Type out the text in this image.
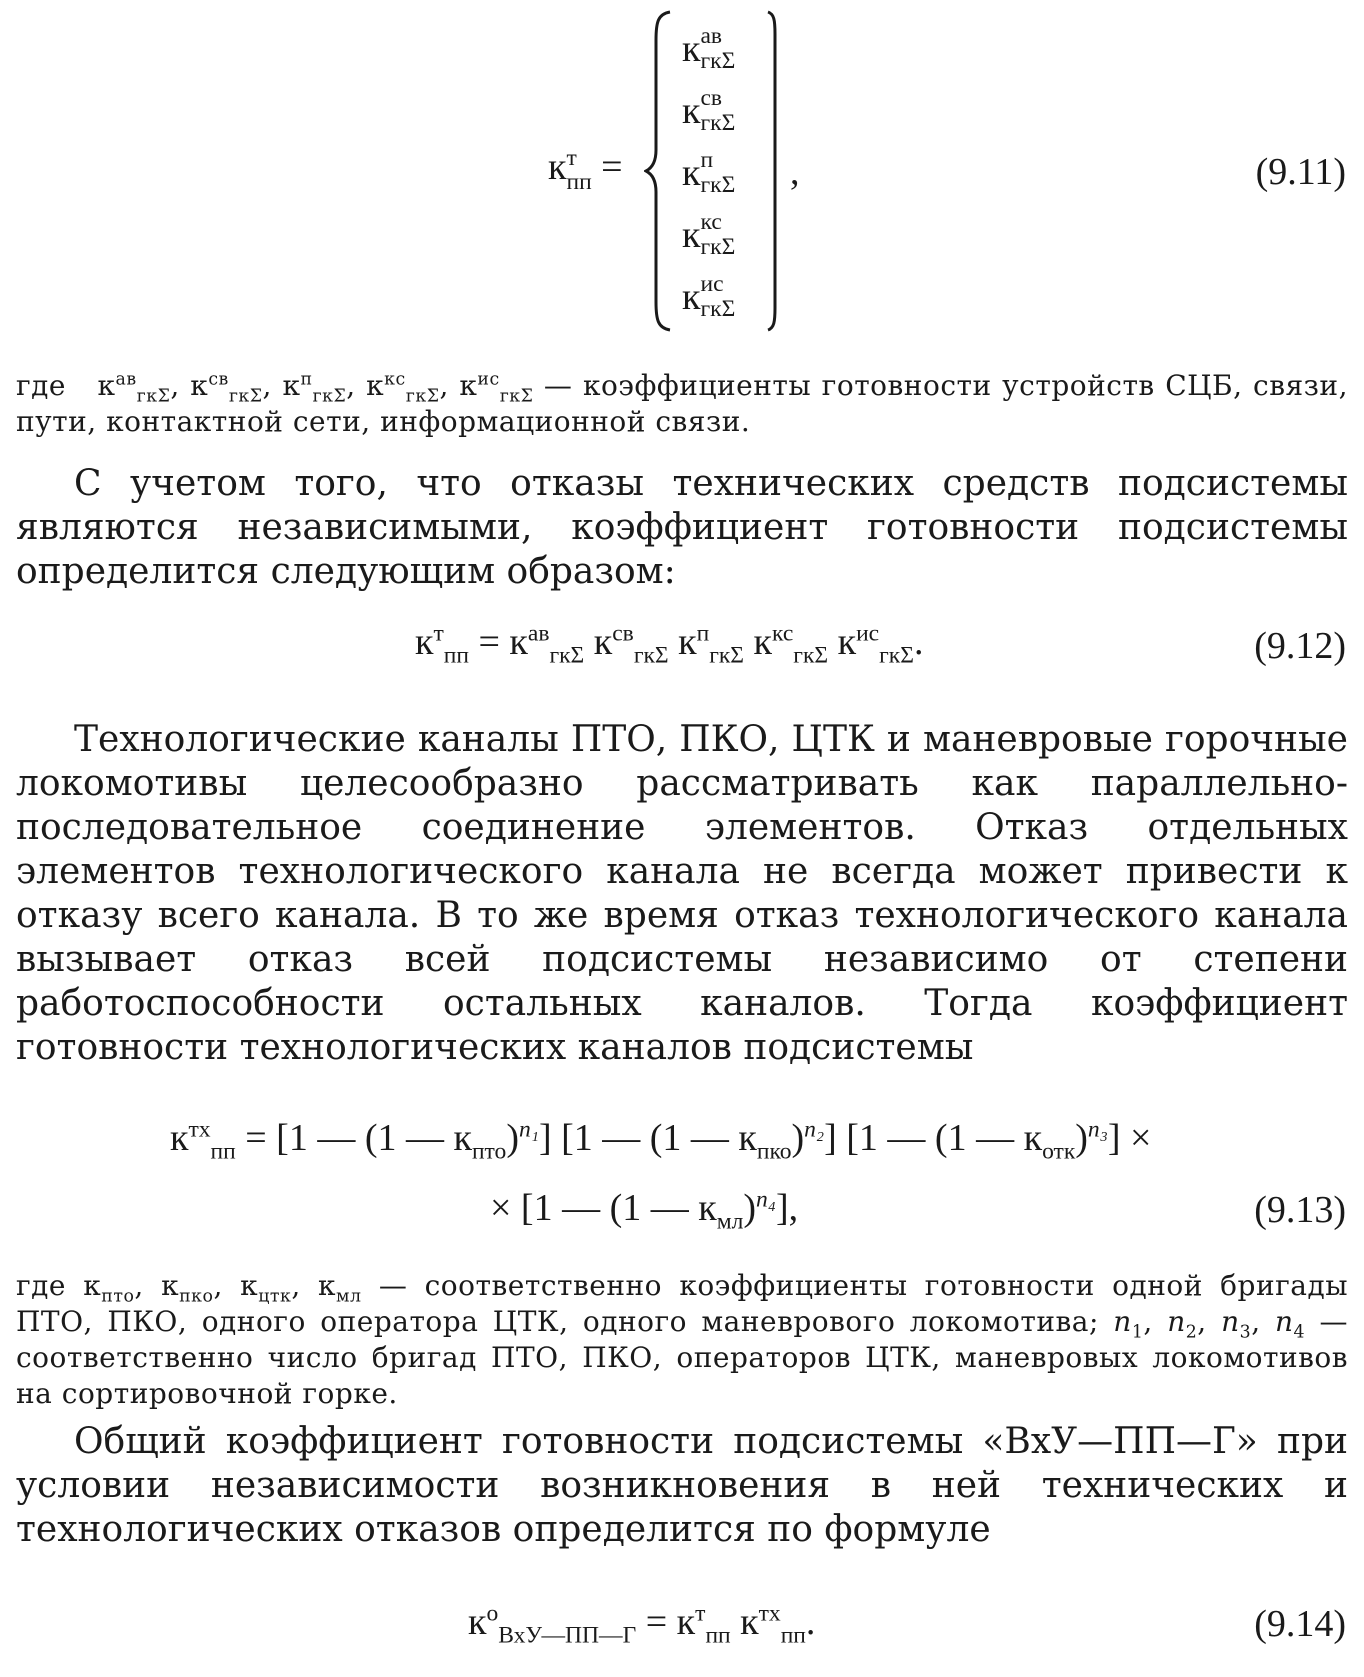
к т
пп =
к ав
гкΣ
к св
гкΣ
к п
гкΣ
к кс
гкΣ
к ис
гкΣ
,	(9.11)
где   $к^{ав}_{гк\Sigma}$, $к^{св}_{гк\Sigma}$, $к^п_{гк\Sigma}$, $к^{кс}_{гк\Sigma}$, $к^{ис}_{гк\Sigma}$ — коэффициенты готовности устройств СЦБ, связи, пути, контактной сети, информационной связи.
С учетом того, что отказы технических средств подсистемы являются независимыми, коэффициент готовности подсистемы определится следующим образом:
$к^т_{пп} = к^{ав}_{гк\Sigma}$ $к^{св}_{гк\Sigma}$ $к^п_{гк\Sigma}$ $к^{кс}_{гк\Sigma}$ $к^{ис}_{гк\Sigma}$.	(9.12)
Технологические каналы ПТО, ПКО, ЦТК и маневровые горочные локомотивы целесообразно рассматривать как параллельно-последовательное соединение элементов. Отказ отдельных элементов технологического канала не всегда может привести к отказу всего канала. В то же время отказ технологического канала вызывает отказ всей подсистемы независимо от степени работоспособности остальных каналов. Тогда коэффициент готовности технологических каналов подсистемы
$к^{тх}_{пп} = [1$ — (1 — $к_{пто})^{n_1}$] [1 — (1 — $к_{пко})^{n_2}$] [1 — (1 — $к_{отк})^{n_3}$] ×
× [1 — (1 — $к_{мл})^{n_4}$],	(9.13)
где $к_{пто}$, $к_{пко}$, $к_{цтк}$, $к_{мл}$ — соответственно коэффициенты готовности одной бригады ПТО, ПКО, одного оператора ЦТК, одного маневрового локомотива; $n_1$, $n_2$, $n_3$, $n_4$ — соответственно число бригад ПТО, ПКО, операторов ЦТК, маневровых локомотивов на сортировочной горке.
Общий коэффициент готовности подсистемы «ВхУ—ПП—Г» при условии независимости возникновения в ней технических и технологических отказов определится по формуле
$к^о_{ВхУ—ПП—Г} = к^т_{пп}$ $к^{тх}_{пп}$.	(9.14)
